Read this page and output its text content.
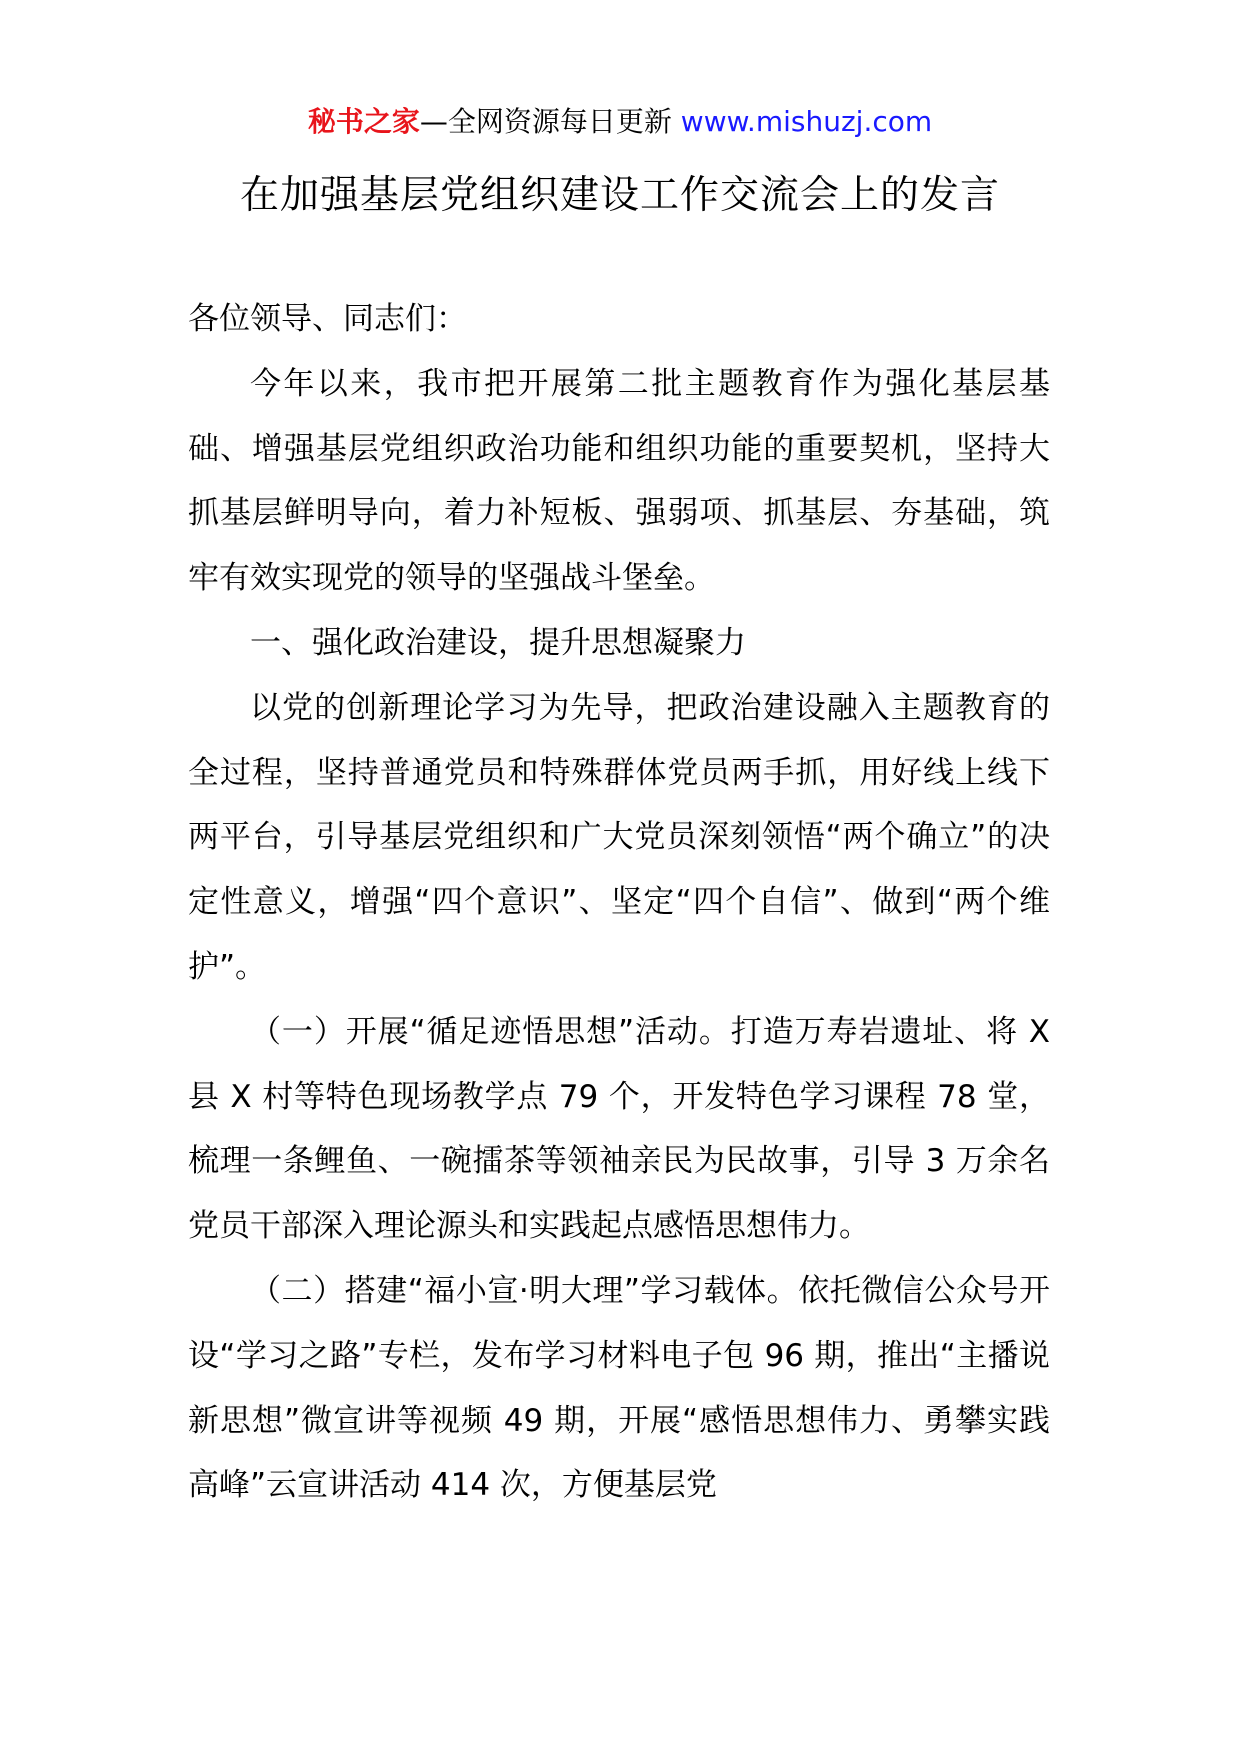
秘书之家—全网资源每日更新 www.mishuzj.com
在加强基层党组织建设工作交流会上的发言

各位领导、同志们：

今年以来，我市把开展第二批主题教育作为强化基层基础、增强基层党组织政治功能和组织功能的重要契机，坚持大抓基层鲜明导向，着力补短板、强弱项、抓基层、夯基础，筑牢有效实现党的领导的坚强战斗堡垒。

一、强化政治建设，提升思想凝聚力

以党的创新理论学习为先导，把政治建设融入主题教育的全过程，坚持普通党员和特殊群体党员两手抓，用好线上线下两平台，引导基层党组织和广大党员深刻领悟“两个确立”的决定性意义，增强“四个意识”、坚定“四个自信”、做到“两个维护”。

（一）开展“循足迹悟思想”活动。打造万寿岩遗址、将 X 县 X 村等特色现场教学点 79 个，开发特色学习课程 78 堂，梳理一条鲤鱼、一碗擂茶等领袖亲民为民故事，引导 3 万余名党员干部深入理论源头和实践起点感悟思想伟力。

（二）搭建“福小宣·明大理”学习载体。依托微信公众号开设“学习之路”专栏，发布学习材料电子包 96 期，推出“主播说新思想”微宣讲等视频 49 期，开展“感悟思想伟力、勇攀实践高峰”云宣讲活动 414 次，方便基层党
